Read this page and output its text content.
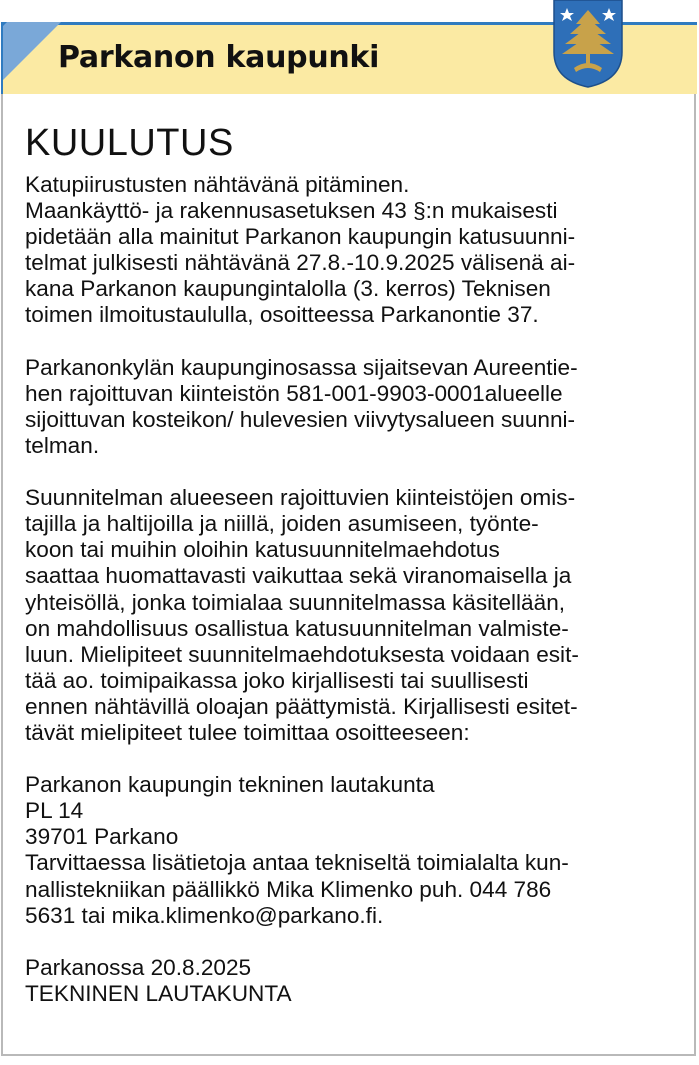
Parkanon kaupunki
KUULUTUS
Katupiirustusten nähtävänä pitäminen.
Maankäyttö- ja rakennusasetuksen 43 §:n mukaisesti
pidetään alla mainitut Parkanon kaupungin katusuunni-
telmat julkisesti nähtävänä 27.8.-10.9.2025 välisenä ai-
kana Parkanon kaupungintalolla (3. kerros) Teknisen
toimen ilmoitustaululla, osoitteessa Parkanontie 37.
Parkanonkylän kaupunginosassa sijaitsevan Aureentie-
hen rajoittuvan kiinteistön 581-001-9903-0001alueelle
sijoittuvan kosteikon/ hulevesien viivytysalueen suunni-
telman.
Suunnitelman alueeseen rajoittuvien kiinteistöjen omis-
tajilla ja haltijoilla ja niillä, joiden asumiseen, työnte-
koon tai muihin oloihin katusuunnitelmaehdotus
saattaa huomattavasti vaikuttaa sekä viranomaisella ja
yhteisöllä, jonka toimialaa suunnitelmassa käsitellään,
on mahdollisuus osallistua katusuunnitelman valmiste-
luun. Mielipiteet suunnitelmaehdotuksesta voidaan esit-
tää ao. toimipaikassa joko kirjallisesti tai suullisesti
ennen nähtävillä oloajan päättymistä. Kirjallisesti esitet-
tävät mielipiteet tulee toimittaa osoitteeseen:
Parkanon kaupungin tekninen lautakunta
PL 14
39701 Parkano
Tarvittaessa lisätietoja antaa tekniseltä toimialalta kun-
nallistekniikan päällikkö Mika Klimenko puh. 044 786
5631 tai mika.klimenko@parkano.fi.
Parkanossa 20.8.2025
TEKNINEN LAUTAKUNTA
